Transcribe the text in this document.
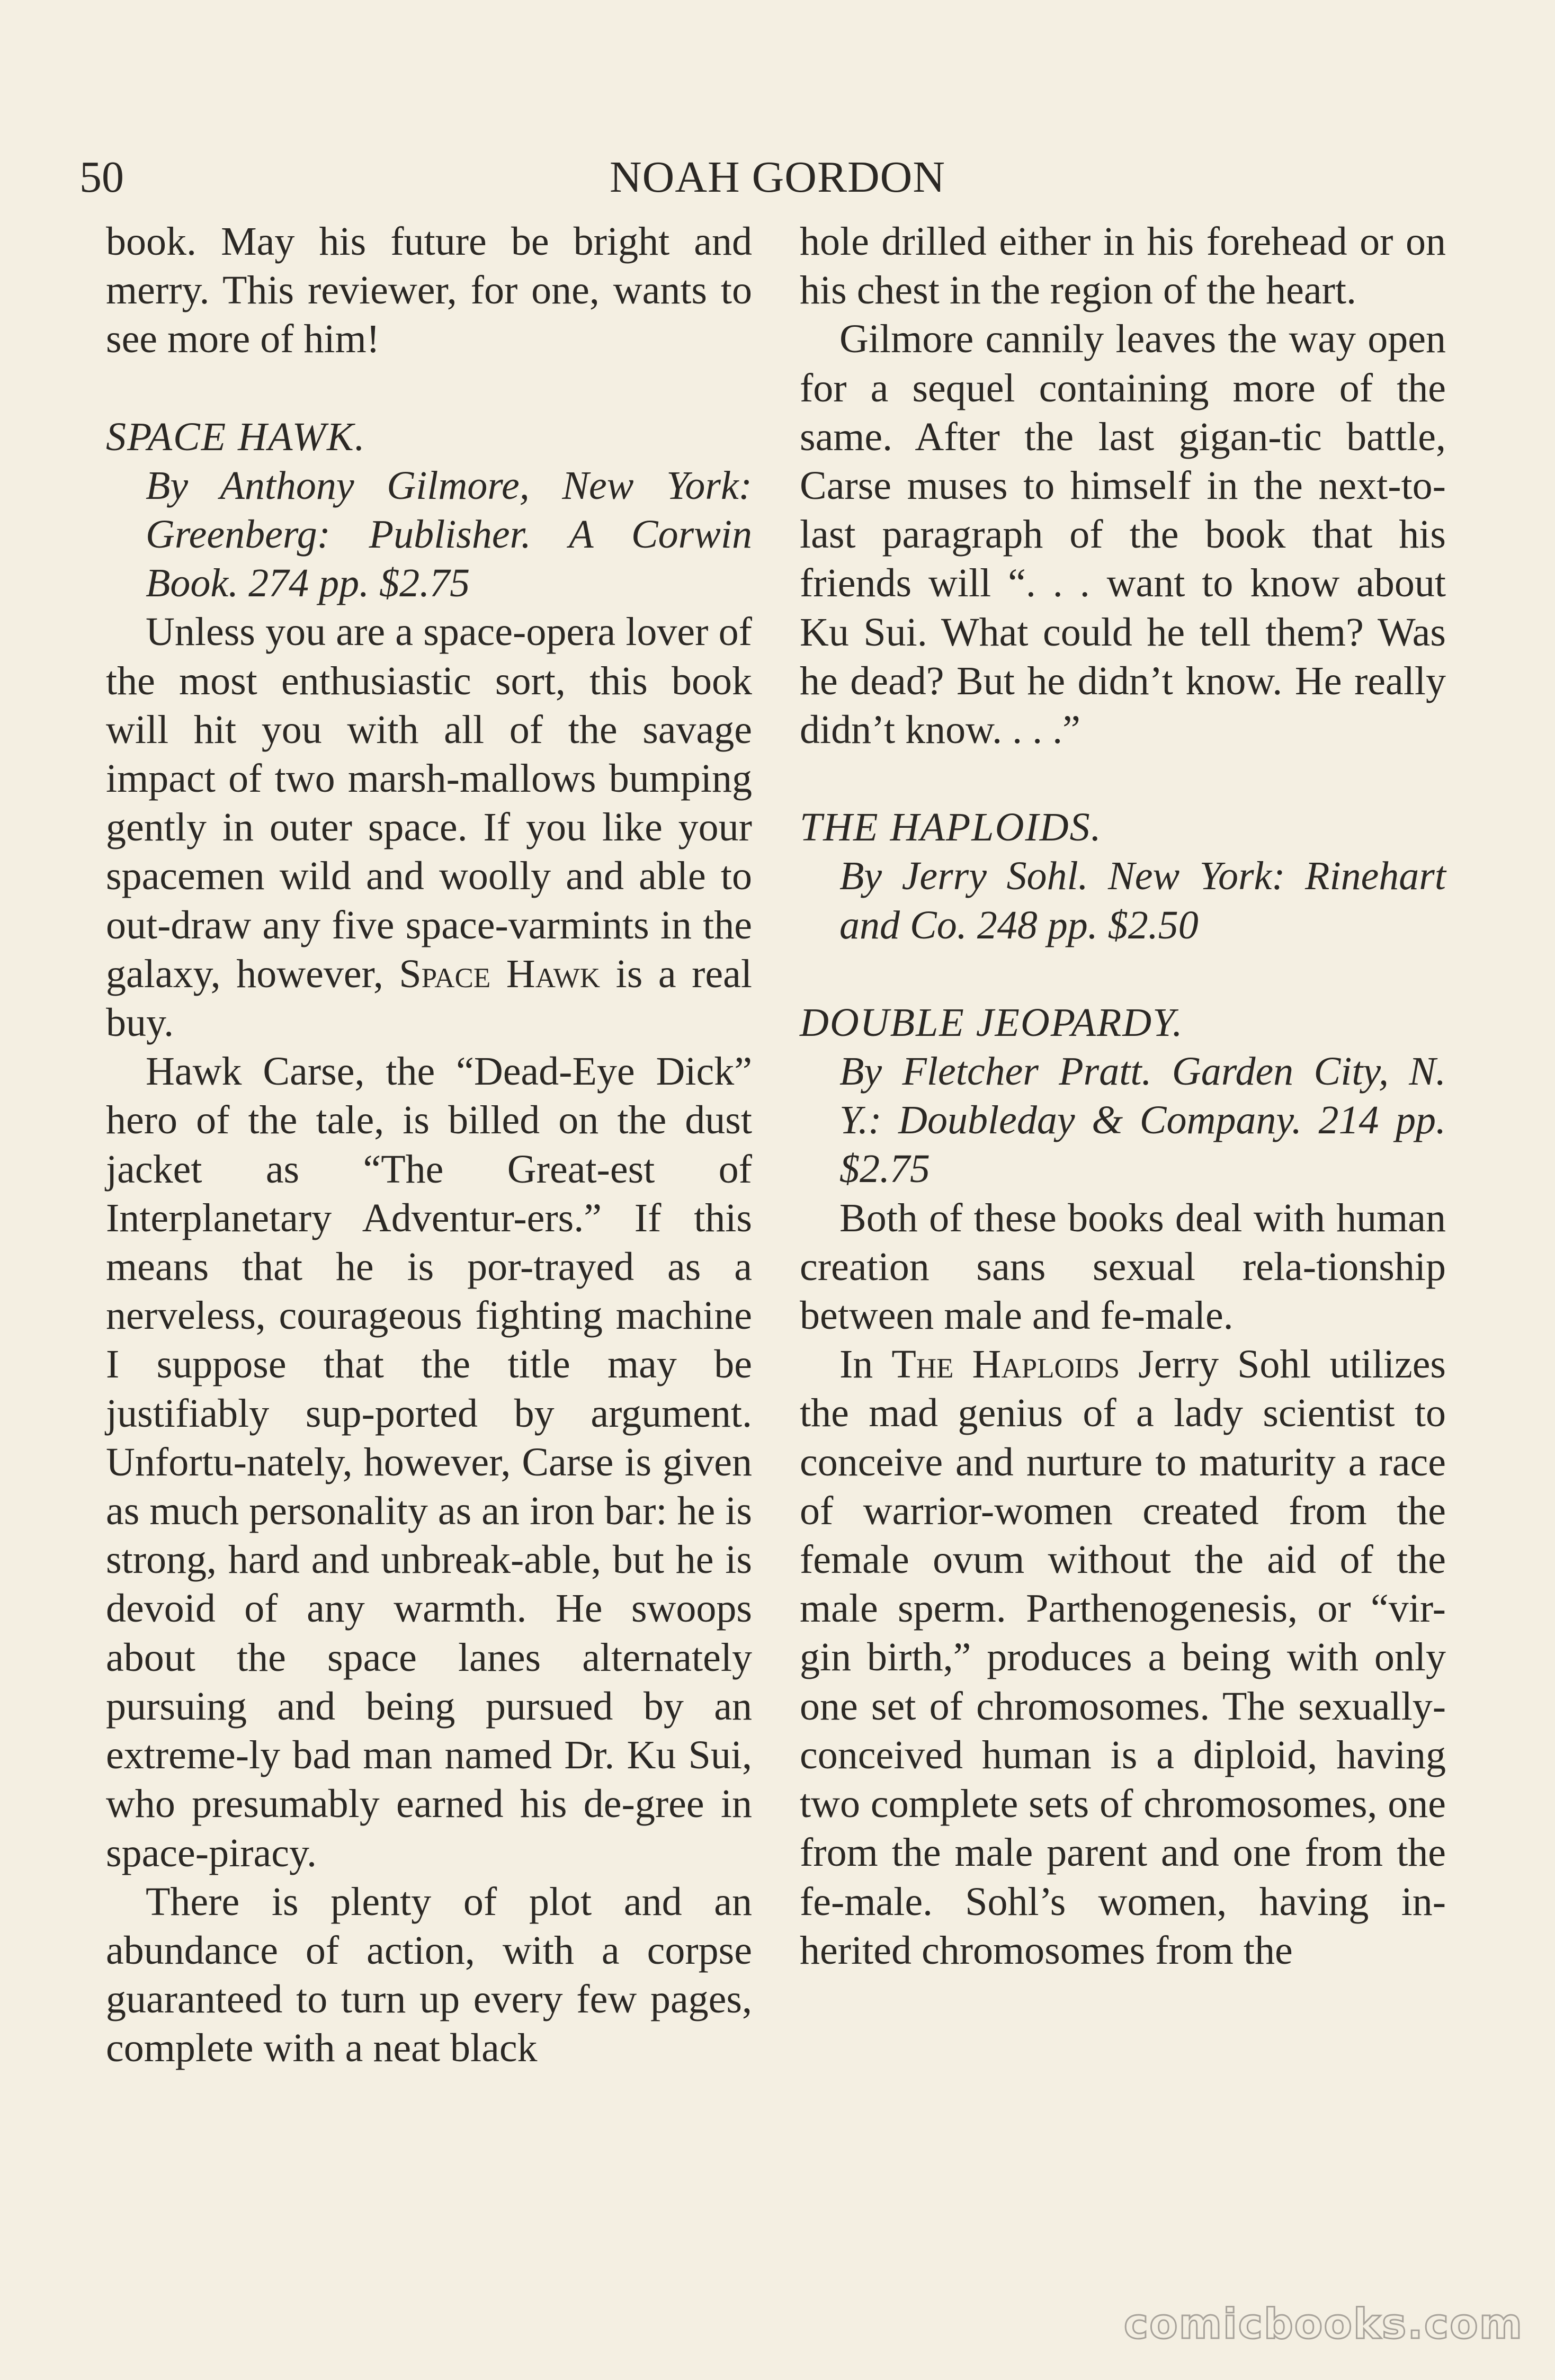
50	NOAH GORDON

book. May his future be bright and merry. This reviewer, for one, wants to see more of him!

SPACE HAWK.

By Anthony Gilmore, New York: Greenberg: Publisher. A Corwin Book. 274 pp. $2.75

Unless you are a space-opera lover of the most enthusiastic sort, this book will hit you with all of the savage impact of two marsh-mallows bumping gently in outer space. If you like your spacemen wild and woolly and able to out-draw any five space-varmints in the galaxy, however, Space Hawk is a real buy.

Hawk Carse, the “Dead-Eye Dick” hero of the tale, is billed on the dust jacket as “The Great-est of Interplanetary Adventur-ers.” If this means that he is por-trayed as a nerveless, courageous fighting machine I suppose that the title may be justifiably sup-ported by argument. Unfortu-nately, however, Carse is given as much personality as an iron bar: he is strong, hard and unbreak-able, but he is devoid of any warmth. He swoops about the space lanes alternately pursuing and being pursued by an extreme-ly bad man named Dr. Ku Sui, who presumably earned his de-gree in space-piracy.

There is plenty of plot and an abundance of action, with a corpse guaranteed to turn up every few pages, complete with a neat black

hole drilled either in his forehead or on his chest in the region of the heart.

Gilmore cannily leaves the way open for a sequel containing more of the same. After the last gigan-tic battle, Carse muses to himself in the next-to-last paragraph of the book that his friends will “. . . want to know about Ku Sui. What could he tell them? Was he dead? But he didn’t know. He really didn’t know. . . .”

THE HAPLOIDS.

By Jerry Sohl. New York: Rinehart and Co. 248 pp. $2.50

DOUBLE JEOPARDY.

By Fletcher Pratt. Garden City, N. Y.: Doubleday & Company. 214 pp. $2.75

Both of these books deal with human creation sans sexual rela-tionship between male and fe-male.

In The Haploids Jerry Sohl utilizes the mad genius of a lady scientist to conceive and nurture to maturity a race of warrior-women created from the female ovum without the aid of the male sperm. Parthenogenesis, or “vir-gin birth,” produces a being with only one set of chromosomes. The sexually-conceived human is a diploid, having two complete sets of chromosomes, one from the male parent and one from the fe-male. Sohl’s women, having in-herited chromosomes from the

comicbooks.com
